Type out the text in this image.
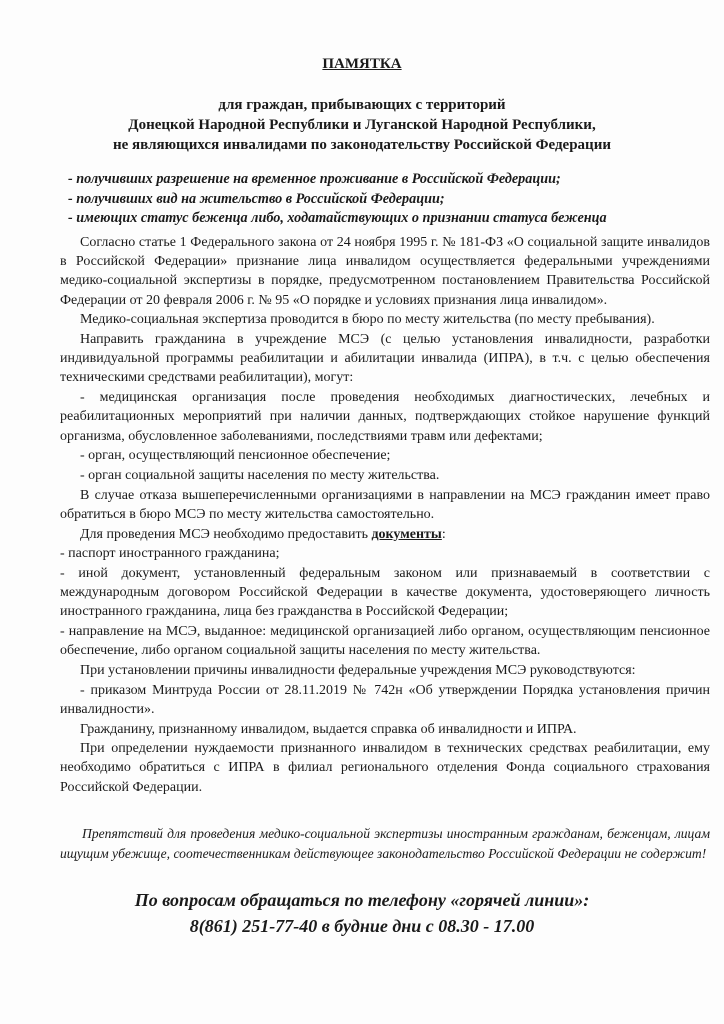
ПАМЯТКА
для граждан, прибывающих с территорий
Донецкой Народной Республики и Луганской Народной Республики,
не являющихся инвалидами по законодательству Российской Федерации
- получивших разрешение на временное проживание в Российской Федерации;
- получивших вид на жительство в Российской Федерации;
- имеющих статус беженца либо, ходатайствующих о признании статуса беженца

Согласно статье 1 Федерального закона от 24 ноября 1995 г. № 181-ФЗ «О социальной защите инвалидов в Российской Федерации» признание лица инвалидом осуществляется федеральными учреждениями медико-социальной экспертизы в порядке, предусмотренном постановлением Правительства Российской Федерации от 20 февраля 2006 г. № 95 «О порядке и условиях признания лица инвалидом».

Медико-социальная экспертиза проводится в бюро по месту жительства (по месту пребывания).

Направить гражданина в учреждение МСЭ (с целью установления инвалидности, разработки индивидуальной программы реабилитации и абилитации инвалида (ИПРА), в т.ч. с целью обеспечения техническими средствами реабилитации), могут:

- медицинская организация после проведения необходимых диагностических, лечебных и реабилитационных мероприятий при наличии данных, подтверждающих стойкое нарушение функций организма, обусловленное заболеваниями, последствиями травм или дефектами;

- орган, осуществляющий пенсионное обеспечение;

- орган социальной защиты населения по месту жительства.

В случае отказа вышеперечисленными организациями в направлении на МСЭ гражданин имеет право обратиться в бюро МСЭ по месту жительства самостоятельно.

Для проведения МСЭ необходимо предоставить документы:

- паспорт иностранного гражданина;

- иной документ, установленный федеральным законом или признаваемый в соответствии с международным договором Российской Федерации в качестве документа, удостоверяющего личность иностранного гражданина, лица без гражданства в Российской Федерации;

- направление на МСЭ, выданное: медицинской организацией либо органом, осуществляющим пенсионное обеспечение, либо органом социальной защиты населения по месту жительства.

При установлении причины инвалидности федеральные учреждения МСЭ руководствуются:

- приказом Минтруда России от 28.11.2019 № 742н «Об утверждении Порядка установления причин инвалидности».

Гражданину, признанному инвалидом, выдается справка об инвалидности и ИПРА.

При определении нуждаемости признанного инвалидом в технических средствах реабилитации, ему необходимо обратиться с ИПРА в филиал регионального отделения Фонда социального страхования Российской Федерации.

Препятствий для проведения медико-социальной экспертизы иностранным гражданам, беженцам, лицам ищущим убежище, соотечественникам действующее законодательство Российской Федерации не содержит!
По вопросам обращаться по телефону «горячей линии»:
8(861) 251-77-40 в будние дни с 08.30 - 17.00
